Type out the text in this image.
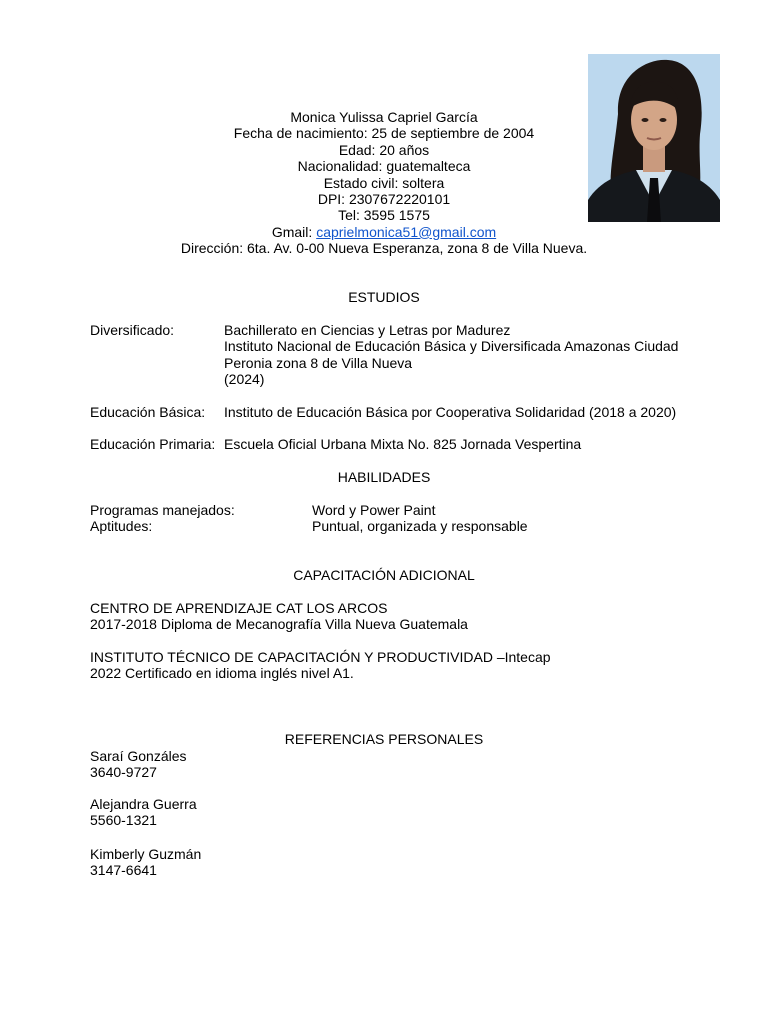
Monica Yulissa Capriel García
Fecha de nacimiento: 25 de septiembre de 2004
Edad: 20 años
Nacionalidad: guatemalteca
Estado civil: soltera
DPI: 2307672220101
Tel: 3595 1575
Gmail: caprielmonica51@gmail.com
Dirección: 6ta. Av. 0-00 Nueva Esperanza, zona 8 de Villa Nueva.
ESTUDIOS
Diversificado:	Bachillerato en Ciencias y Letras por Madurez
Instituto Nacional de Educación Básica y Diversificada Amazonas Ciudad
Peronia zona 8 de Villa Nueva
(2024)
Educación Básica:	Instituto de Educación Básica por Cooperativa Solidaridad (2018 a 2020)
Educación Primaria: Escuela Oficial Urbana Mixta No. 825 Jornada Vespertina
HABILIDADES
Programas manejados:	Word y Power Paint
Aptitudes:	Puntual, organizada y responsable
CAPACITACIÓN ADICIONAL
CENTRO DE APRENDIZAJE CAT LOS ARCOS
2017-2018 Diploma de Mecanografía Villa Nueva Guatemala
INSTITUTO TÉCNICO DE CAPACITACIÓN Y PRODUCTIVIDAD –Intecap
2022 Certificado en idioma inglés nivel A1.
REFERENCIAS PERSONALES
Saraí Gonzáles
3640-9727
Alejandra Guerra
5560-1321
Kimberly Guzmán
3147-6641
